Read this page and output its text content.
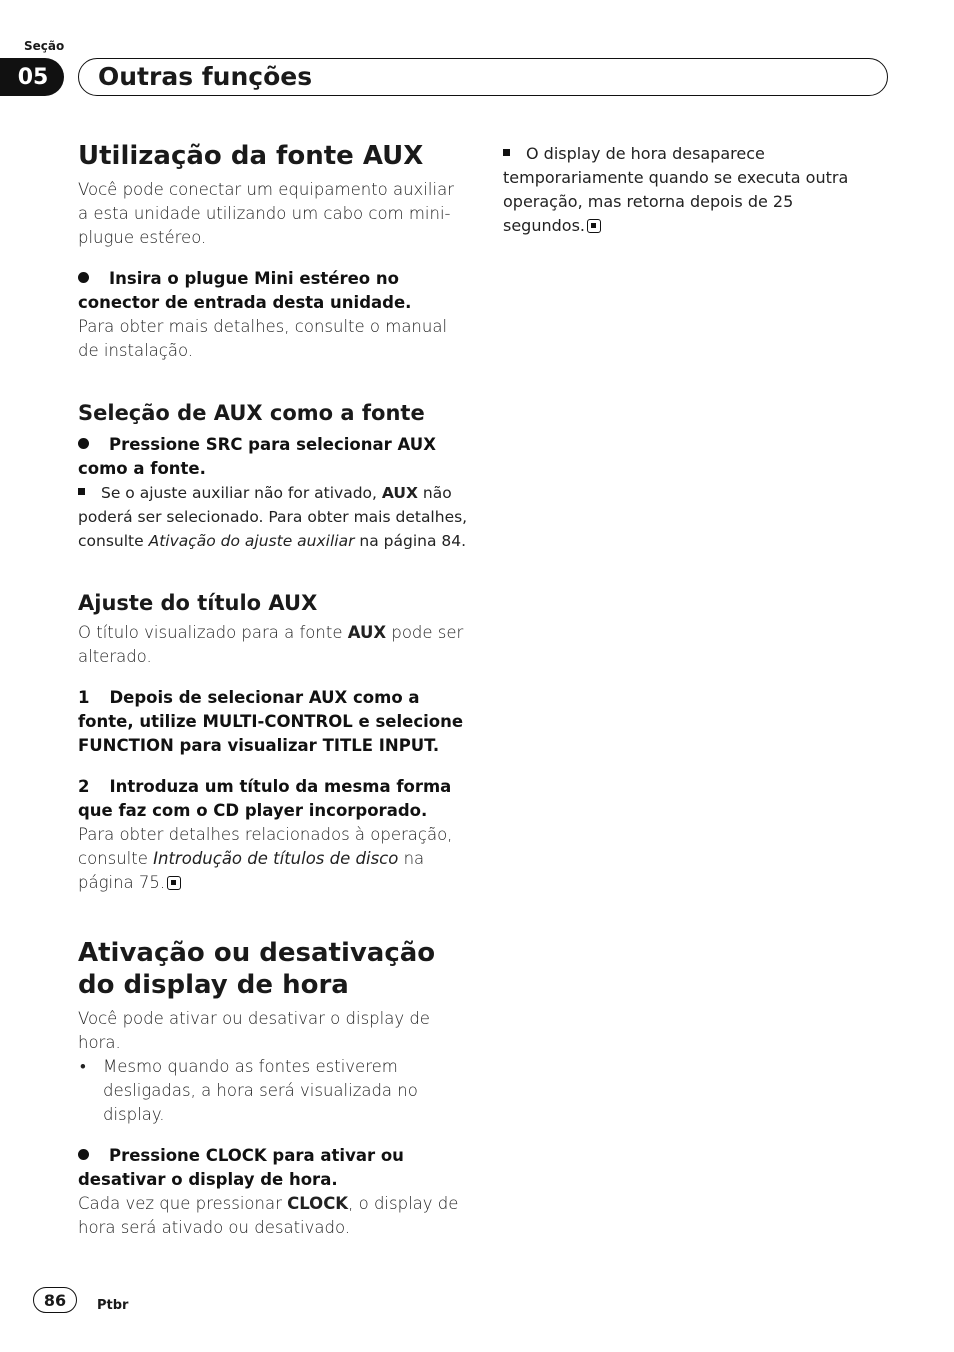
Seção
05	Outras funções
Utilização da fonte AUX

Você pode conectar um equipamento auxiliar a esta unidade utilizando um cabo com mini-plugue estéreo.

Insira o plugue Mini estéreo no conector de entrada desta unidade.

Para obter mais detalhes, consulte o manual de instalação.

Seleção de AUX como a fonte

Pressione SRC para selecionar AUX como a fonte.

Se o ajuste auxiliar não for ativado, AUX não poderá ser selecionado. Para obter mais detalhes, consulte Ativação do ajuste auxiliar na página 84.

Ajuste do título AUX

O título visualizado para a fonte AUX pode ser alterado.

1 Depois de selecionar AUX como a fonte, utilize MULTI-CONTROL e selecione FUNCTION para visualizar TITLE INPUT.

2 Introduza um título da mesma forma que faz com o CD player incorporado.

Para obter detalhes relacionados à operação, consulte Introdução de títulos de disco na página 75.

Ativação ou desativação do display de hora

Você pode ativar ou desativar o display de hora.

• Mesmo quando as fontes estiverem desligadas, a hora será visualizada no display.

Pressione CLOCK para ativar ou desativar o display de hora.

Cada vez que pressionar CLOCK, o display de hora será ativado ou desativado.

O display de hora desaparece temporariamente quando se executa outra operação, mas retorna depois de 25 segundos.

86	Ptbr
